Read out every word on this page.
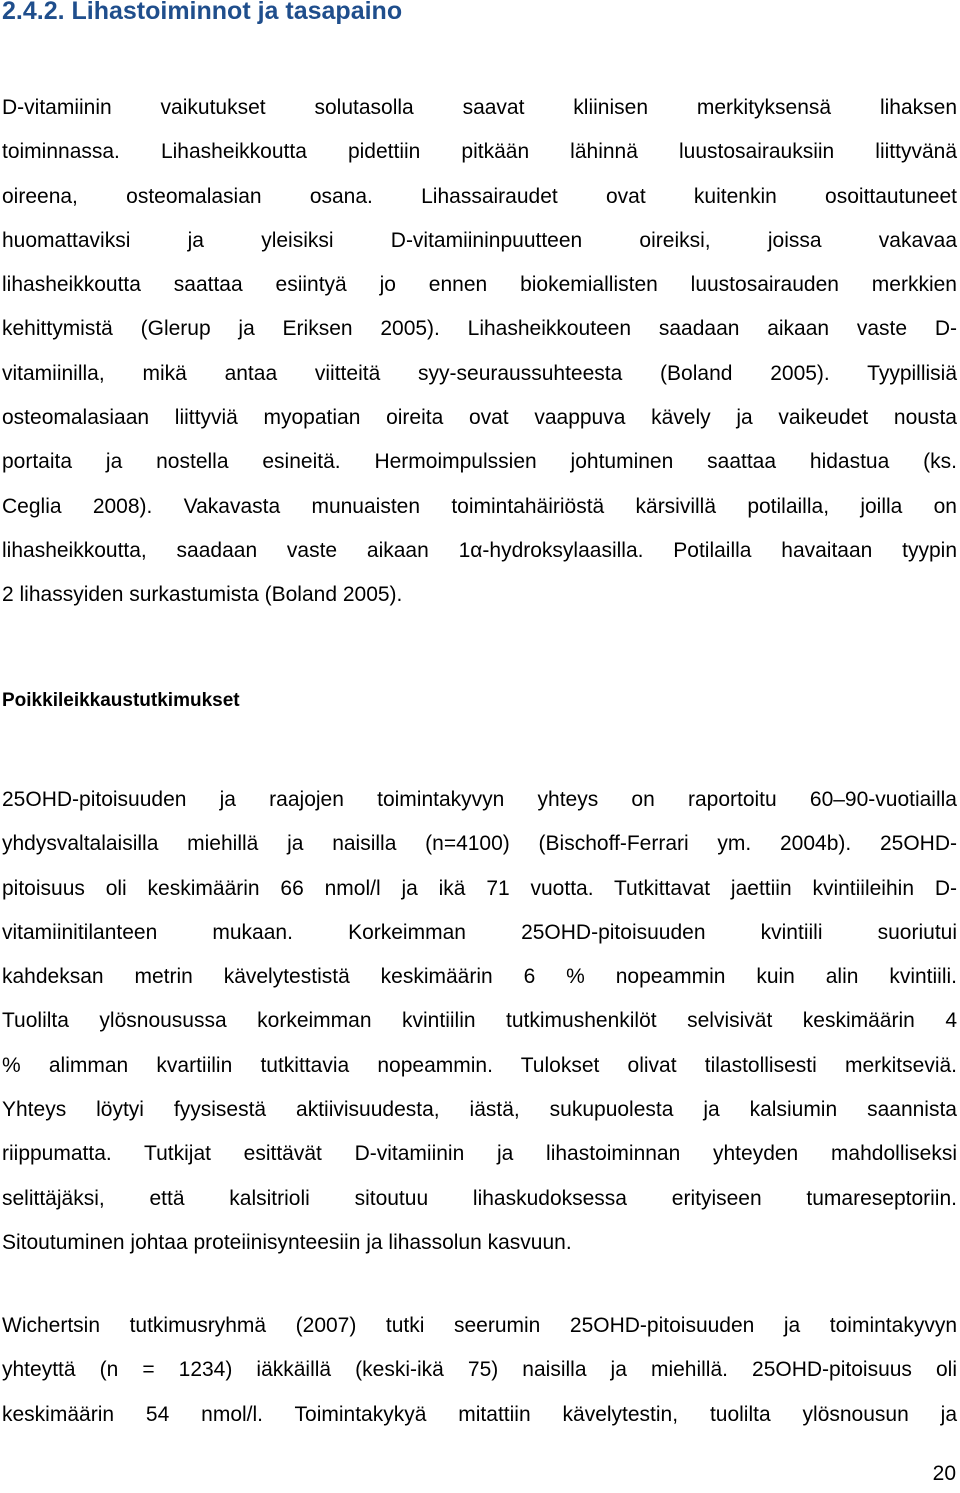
2.4.2. Lihastoiminnot ja tasapaino

D-vitamiinin vaikutukset solutasolla saavat kliinisen merkityksensä lihaksen
toiminnassa. Lihasheikkoutta pidettiin pitkään lähinnä luustosairauksiin liittyvänä
oireena, osteomalasian osana. Lihassairaudet ovat kuitenkin osoittautuneet
huomattaviksi ja yleisiksi D-vitamiininpuutteen oireiksi, joissa vakavaa
lihasheikkoutta saattaa esiintyä jo ennen biokemiallisten luustosairauden merkkien
kehittymistä (Glerup ja Eriksen 2005). Lihasheikkouteen saadaan aikaan vaste D-
vitamiinilla, mikä antaa viitteitä syy-seuraussuhteesta (Boland 2005). Tyypillisiä
osteomalasiaan liittyviä myopatian oireita ovat vaappuva kävely ja vaikeudet nousta
portaita ja nostella esineitä. Hermoimpulssien johtuminen saattaa hidastua (ks.
Ceglia 2008). Vakavasta munuaisten toimintahäiriöstä kärsivillä potilailla, joilla on
lihasheikkoutta, saadaan vaste aikaan 1α-hydroksylaasilla. Potilailla havaitaan tyypin
2 lihassyiden surkastumista (Boland 2005).

Poikkileikkaustutkimukset

25OHD-pitoisuuden ja raajojen toimintakyvyn yhteys on raportoitu 60–90-vuotiailla
yhdysvaltalaisilla miehillä ja naisilla (n=4100) (Bischoff-Ferrari ym. 2004b). 25OHD-
pitoisuus oli keskimäärin 66 nmol/l ja ikä 71 vuotta. Tutkittavat jaettiin kvintiileihin D-
vitamiinitilanteen mukaan. Korkeimman 25OHD-pitoisuuden kvintiili suoriutui
kahdeksan metrin kävelytestistä keskimäärin 6 % nopeammin kuin alin kvintiili.
Tuolilta ylösnousussa korkeimman kvintiilin tutkimushenkilöt selvisivät keskimäärin 4
% alimman kvartiilin tutkittavia nopeammin. Tulokset olivat tilastollisesti merkitseviä.
Yhteys löytyi fyysisestä aktiivisuudesta, iästä, sukupuolesta ja kalsiumin saannista
riippumatta. Tutkijat esittävät D-vitamiinin ja lihastoiminnan yhteyden mahdolliseksi
selittäjäksi, että kalsitrioli sitoutuu lihaskudoksessa erityiseen tumareseptoriin.
Sitoutuminen johtaa proteiinisynteesiin ja lihassolun kasvuun.

Wichertsin tutkimusryhmä (2007) tutki seerumin 25OHD-pitoisuuden ja toimintakyvyn
yhteyttä (n = 1234) iäkkäillä (keski-ikä 75) naisilla ja miehillä. 25OHD-pitoisuus oli
keskimäärin 54 nmol/l. Toimintakykyä mitattiin kävelytestin, tuolilta ylösnousun ja

20
